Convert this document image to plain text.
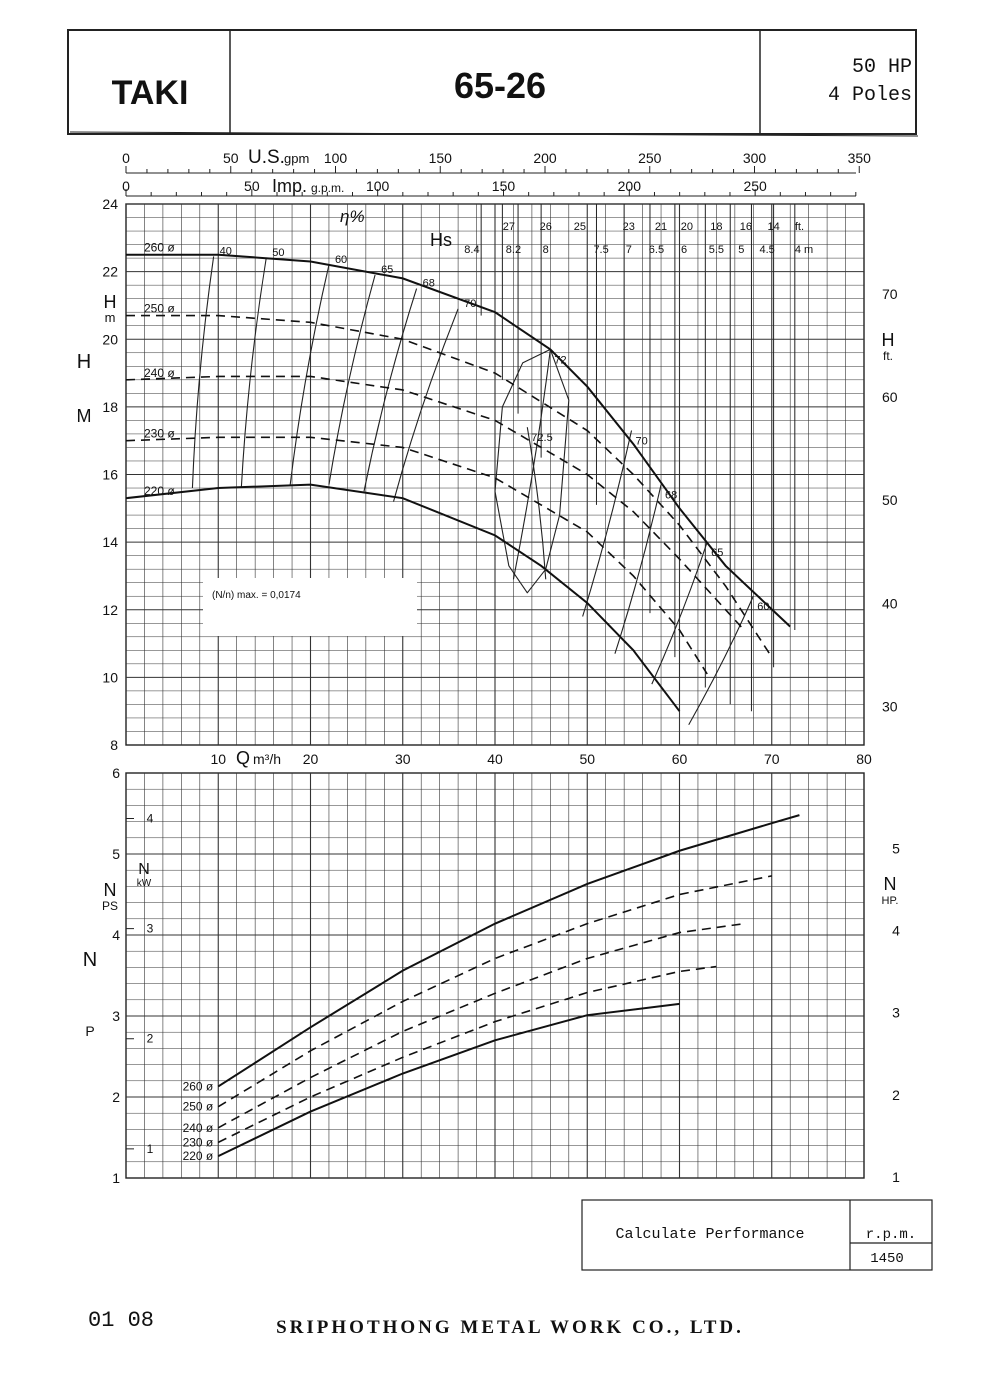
TAKI	65-26	50 HP
4 Poles
0	50	100	150	200	250	300	350
0	50	100	150	200	250
U.S. gpm
Imp. g.p.m.
Hs
27 26 25	23 21 20 18 16 14 ft.
8.4 8.2 8	7.5 7 6.5 6 5.5 5 4.5 4 m
40	50
60
65
68
70
72
72.5	70
68
65
60
260 ø
250 ø
240 ø
230 ø
220 ø
8
10
12
14
16
18
20
22
24
30
40
50
60
70
10	20	30	40	50	60	70	80
η%
H
M
H
m
H
ft.
Q m³/h
(N/n) max. = 0,0174
260 ø
250 ø
240 ø
230 ø
220 ø
1
2
3
4
5
6
1
2
3
4
1
2
3
4
5
N
P
N
PS
N
kW	N
HP.
Calculate Performance	r.p.m.
1450
01 08	SRIPHOTHONG METAL WORK CO., LTD.
